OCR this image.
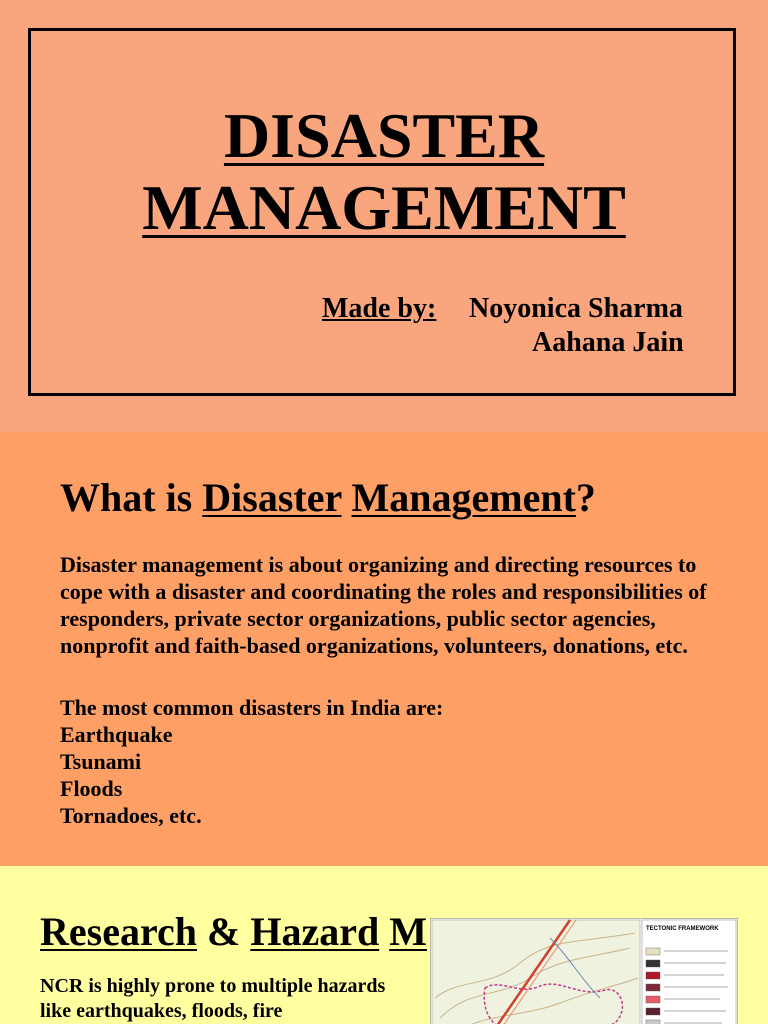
DISASTER
MANAGEMENT
Made by: Noyonica Sharma
Aahana Jain
What is Disaster Management?
Disaster management is about organizing and directing resources to cope with a disaster and coordinating the roles and responsibilities of responders, private sector organizations, public sector agencies, nonprofit and faith-based organizations, volunteers, donations, etc.
The most common disasters in India are:
Earthquake
Tsunami
Floods
Tornadoes, etc.
Research & Hazard M
NCR is highly prone to multiple hazards like earthquakes, floods, fire
TECTONIC FRAMEWORK
